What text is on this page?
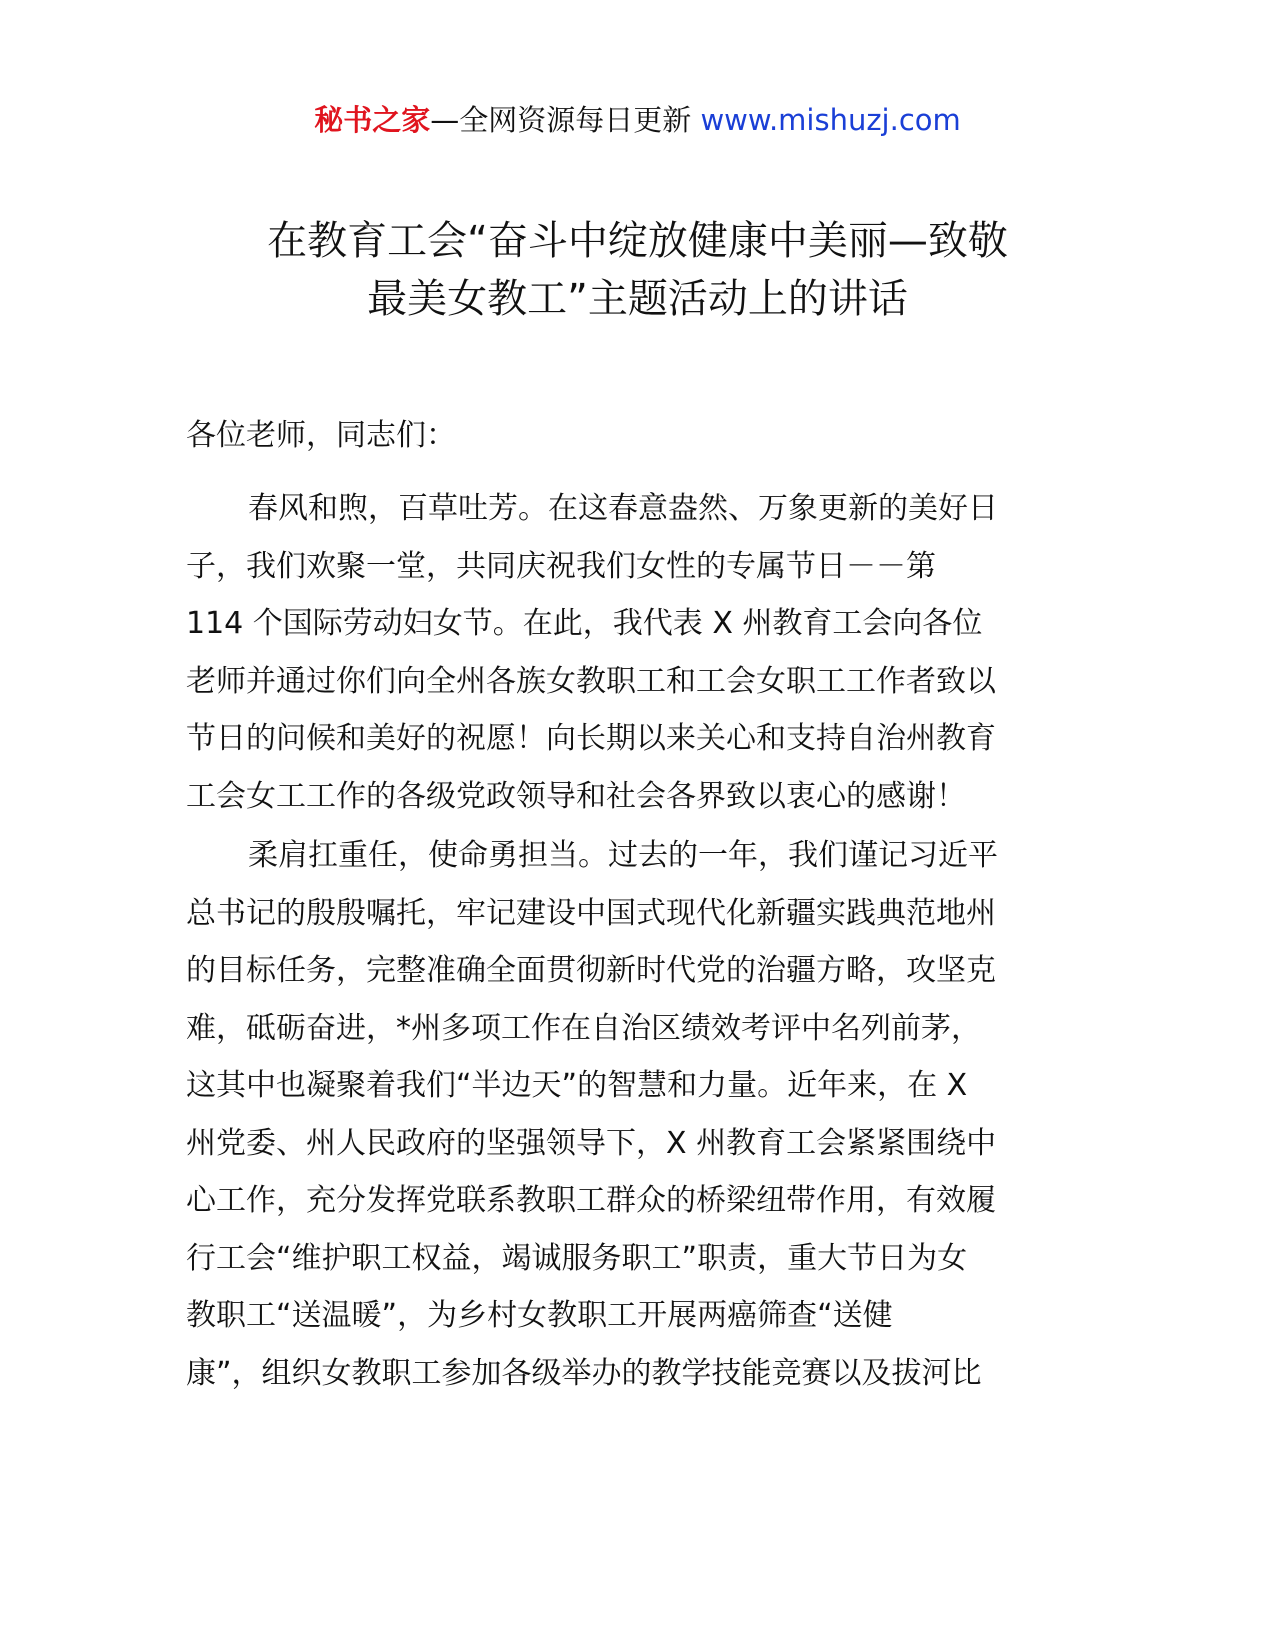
秘书之家—全网资源每日更新 www.mishuzj.com
在教育工会“奋斗中绽放健康中美丽—致敬
最美女教工”主题活动上的讲话

各位老师，同志们：

春风和煦，百草吐芳。在这春意盎然、万象更新的美好日
子，我们欢聚一堂，共同庆祝我们女性的专属节日－－第
114 个国际劳动妇女节。在此，我代表 X 州教育工会向各位
老师并通过你们向全州各族女教职工和工会女职工工作者致以
节日的问候和美好的祝愿！向长期以来关心和支持自治州教育
工会女工工作的各级党政领导和社会各界致以衷心的感谢！
柔肩扛重任，使命勇担当。过去的一年，我们谨记习近平
总书记的殷殷嘱托，牢记建设中国式现代化新疆实践典范地州
的目标任务，完整准确全面贯彻新时代党的治疆方略，攻坚克
难，砥砺奋进，*州多项工作在自治区绩效考评中名列前茅，
这其中也凝聚着我们“半边天”的智慧和力量。近年来，在 X
州党委、州人民政府的坚强领导下，X 州教育工会紧紧围绕中
心工作，充分发挥党联系教职工群众的桥梁纽带作用，有效履
行工会“维护职工权益，竭诚服务职工”职责，重大节日为女
教职工“送温暖”，为乡村女教职工开展两癌筛查“送健
康”，组织女教职工参加各级举办的教学技能竞赛以及拔河比
